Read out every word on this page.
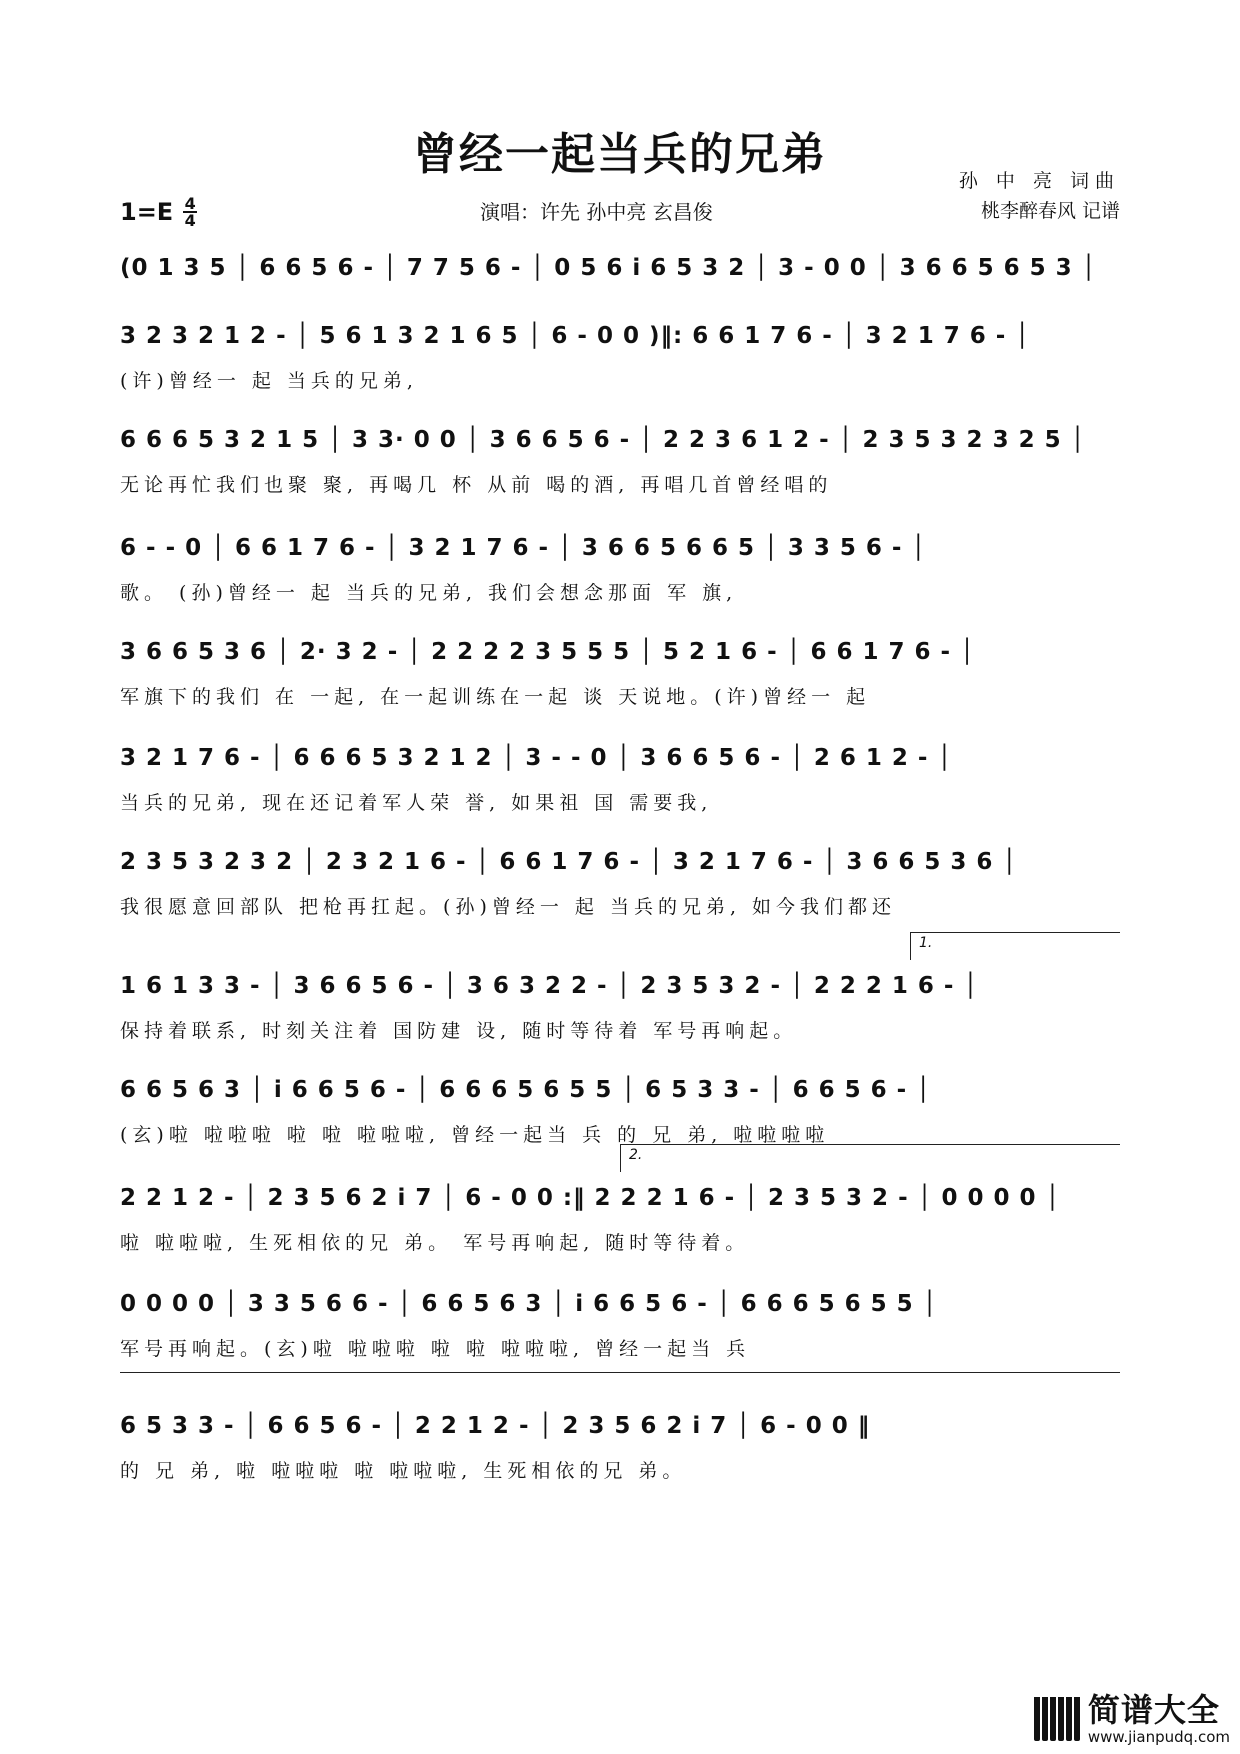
曾经一起当兵的兄弟
1=E 4
4	演唱：许先 孙中亮 玄昌俊
孙 中 亮 词曲
桃李醉春风 记谱
(0 1 3 5 │ 6 6 5 6 - │ 7 7 5 6 - │ 0 5 6 i 6 5 3 2 │ 3 - 0 0 │ 3 6 6 5 6 5 3 │
3 2 3 2 1 2 - │ 5 6 1 3 2 1 6 5 │ 6 - 0 0 )‖: 6 6 1 7 6 - │ 3 2 1 7 6 - │
(许)曾经一 起 当兵的兄弟,
6 6 6 5 3 2 1 5 │ 3 3· 0 0 │ 3 6 6 5 6 - │ 2 2 3 6 1 2 - │ 2 3 5 3 2 3 2 5 │
无论再忙我们也聚 聚, 再喝几 杯 从前 喝的酒, 再唱几首曾经唱的
6 - - 0 │ 6 6 1 7 6 - │ 3 2 1 7 6 - │ 3 6 6 5 6 6 5 │ 3 3 5 6 - │
歌。 (孙)曾经一 起 当兵的兄弟, 我们会想念那面 军 旗,
3 6 6 5 3 6 │ 2· 3 2 - │ 2 2 2 2 3 5 5 5 │ 5 2 1 6 - │ 6 6 1 7 6 - │
军旗下的我们 在 一起, 在一起训练在一起 谈 天说地。(许)曾经一 起
3 2 1 7 6 - │ 6 6 6 5 3 2 1 2 │ 3 - - 0 │ 3 6 6 5 6 - │ 2 6 1 2 - │
当兵的兄弟, 现在还记着军人荣 誉, 如果祖 国 需要我,
2 3 5 3 2 3 2 │ 2 3 2 1 6 - │ 6 6 1 7 6 - │ 3 2 1 7 6 - │ 3 6 6 5 3 6 │
我很愿意回部队 把枪再扛起。(孙)曾经一 起 当兵的兄弟, 如今我们都还
1.
1 6 1 3 3 - │ 3 6 6 5 6 - │ 3 6 3 2 2 - │ 2 3 5 3 2 - │ 2 2 2 1 6 - │
保持着联系, 时刻关注着 国防建 设, 随时等待着 军号再响起。
6 6 5 6 3 │ i 6 6 5 6 - │ 6 6 6 5 6 5 5 │ 6 5 3 3 - │ 6 6 5 6 - │
(玄)啦 啦啦啦 啦 啦 啦啦啦, 曾经一起当 兵 的 兄 弟, 啦啦啦啦
2.
2 2 1 2 - │ 2 3 5 6 2 i 7 │ 6 - 0 0 :‖ 2 2 2 1 6 - │ 2 3 5 3 2 - │ 0 0 0 0 │
啦 啦啦啦, 生死相依的兄 弟。 军号再响起, 随时等待着。
0 0 0 0 │ 3 3 5 6 6 - │ 6 6 5 6 3 │ i 6 6 5 6 - │ 6 6 6 5 6 5 5 │
军号再响起。(玄)啦 啦啦啦 啦 啦 啦啦啦, 曾经一起当 兵
6 5 3 3 - │ 6 6 5 6 - │ 2 2 1 2 - │ 2 3 5 6 2 i 7 │ 6 - 0 0 ‖
的 兄 弟, 啦 啦啦啦 啦 啦啦啦, 生死相依的兄 弟。
简谱大全
www.jianpudq.com
